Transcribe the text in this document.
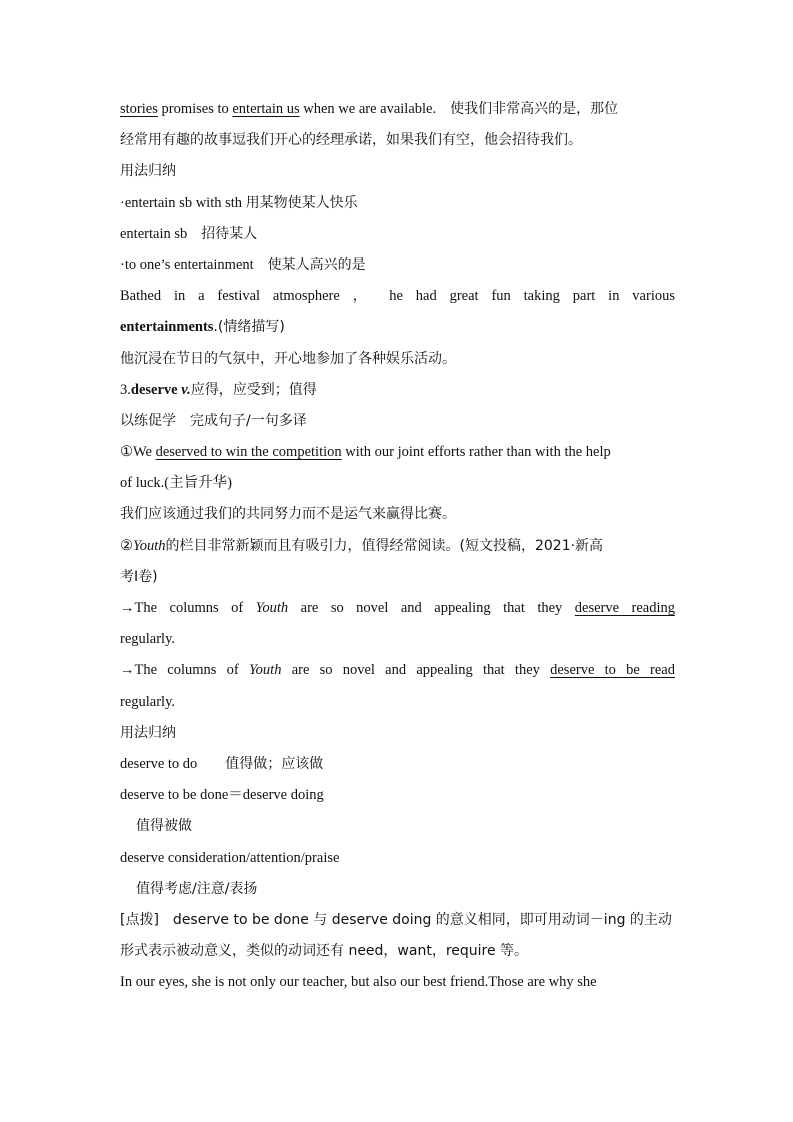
stories promises to entertain us when we are available.　使我们非常高兴的是，那位
经常用有趣的故事逗我们开心的经理承诺，如果我们有空，他会招待我们。
用法归纳
·entertain sb with sth 用某物使某人快乐
entertain sb　招待某人
·to one’s entertainment　使某人高兴的是
Bathed in a festival atmosphere ， he had great fun taking part in various
entertainments.(情绪描写)
他沉浸在节日的气氛中，开心地参加了各种娱乐活动。
3.deserve v.应得，应受到；值得
以练促学　完成句子/一句多译
①We deserved to win the competition with our joint efforts rather than with the help
of luck.(主旨升华)
我们应该通过我们的共同努力而不是运气来赢得比赛。
②Youth的栏目非常新颖而且有吸引力，值得经常阅读。(短文投稿，2021·新高
考Ⅰ卷)
→The columns of Youth are so novel and appealing that they deserve reading
regularly.
→The columns of Youth are so novel and appealing that they deserve to be read
regularly.
用法归纳
deserve to do　　值得做；应该做
deserve to be done＝deserve doing
值得被做
deserve consideration/attention/praise
值得考虑/注意/表扬
[点拨]　deserve to be done 与 deserve doing 的意义相同，即可用动词－ing 的主动
形式表示被动意义，类似的动词还有 need，want，require 等。
In our eyes, she is not only our teacher, but also our best friend.Those are why she
